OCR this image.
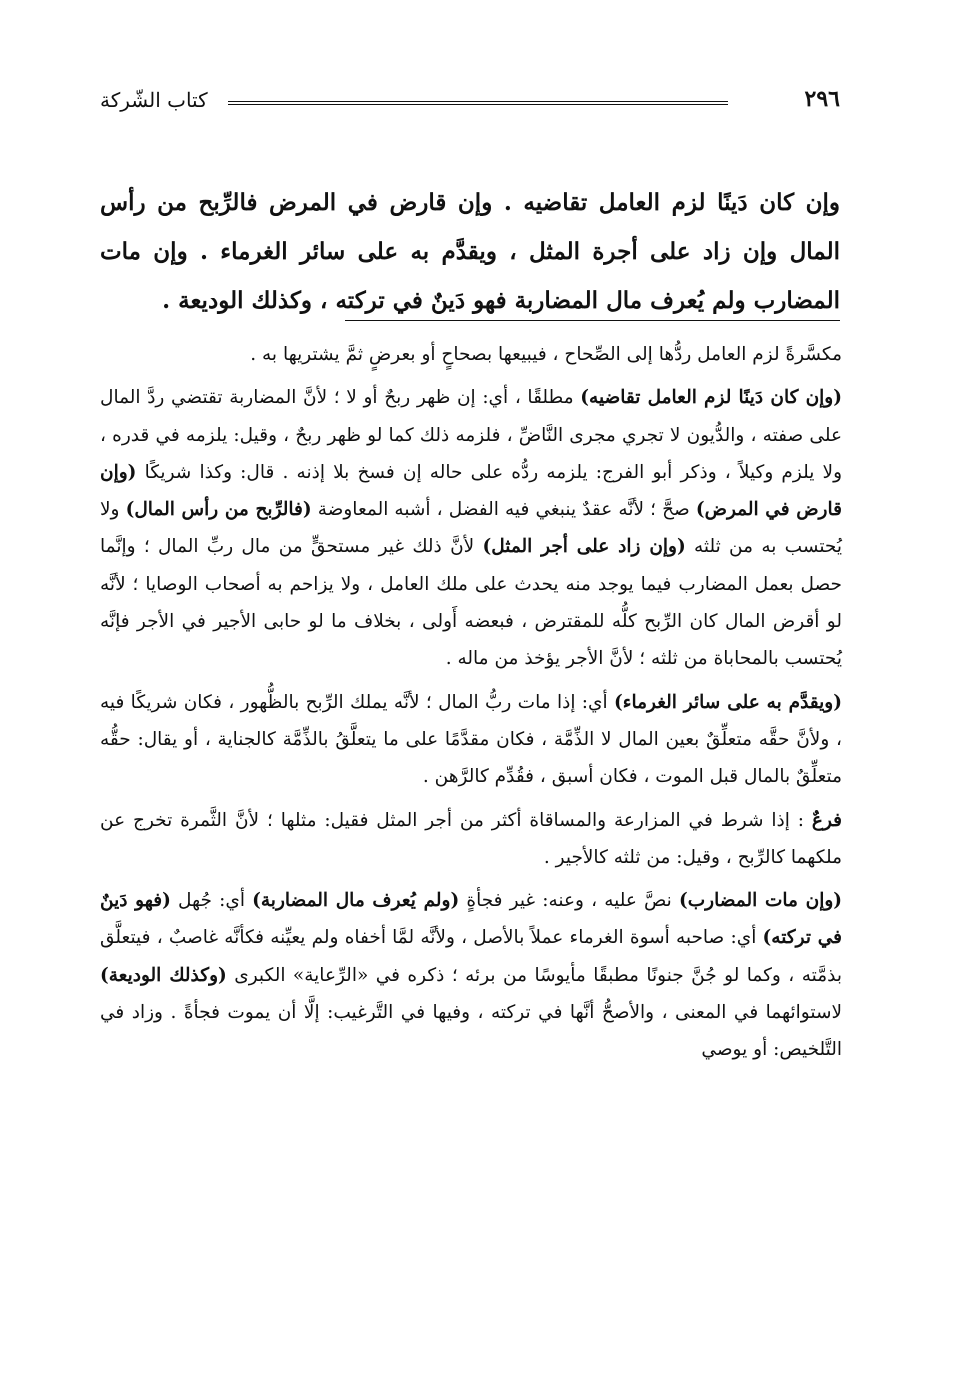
٢٩٦
كتاب الشّركة

وإن كان دَينًا لزم العامل تقاضيه . وإن قارض في المرض فالرِّبح من رأس المال وإن زاد على أجرة المثل ، ويقدَّم به على سائر الغرماء . وإن مات المضارب ولم يُعرف مال المضاربة فهو دَينٌ في تركته ، وكذلك الوديعة .

مكسَّرةً لزم العامل ردُّها إلى الصِّحاح ، فيبيعها بصحاحٍ أو بعرضٍ ثمَّ يشتريها به .

(وإن كان دَينًا لزم العامل تقاضيه) مطلقًا ، أي: إن ظهر ربحٌ أو لا ؛ لأنَّ المضاربة تقتضي ردَّ المال على صفته ، والدُّيون لا تجري مجرى النَّاضِّ ، فلزمه ذلك كما لو ظهر ربحٌ ، وقيل: يلزمه في قدره ، ولا يلزم وكيلاً ، وذكر أبو الفرج: يلزمه ردُّه على حاله إن فسخ بلا إذنه . قال: وكذا شريكًا (وإن قارض في المرض) صحَّ ؛ لأنَّه عقدٌ ينبغي فيه الفضل ، أشبه المعاوضة (فالرِّبح من رأس المال) ولا يُحتسب به من ثلثه (وإن زاد على أجر المثل) لأنَّ ذلك غير مستحقٍّ من مال ربِّ المال ؛ وإنَّما حصل بعمل المضارب فيما يوجد منه يحدث على ملك العامل ، ولا يزاحم به أصحاب الوصايا ؛ لأنَّه لو أقرض المال كان الرِّبح كلُّه للمقترض ، فبعضه أَولى ، بخلاف ما لو حابى الأجير في الأجر فإنَّه يُحتسب بالمحاباة من ثلثه ؛ لأنَّ الأجر يؤخذ من ماله .

(ويقدَّم به على سائر الغرماء) أي: إذا مات ربُّ المال ؛ لأنَّه يملك الرِّبح بالظُّهور ، فكان شريكًا فيه ، ولأنَّ حقَّه متعلِّقٌ بعين المال لا الذِّمَّة ، فكان مقدَّمًا على ما يتعلَّقُ بالذِّمَّة كالجناية ، أو يقال: حقُّه متعلِّقٌ بالمال قبل الموت ، فكان أسبق ، فقُدِّم كالرَّهن .

فرعٌ : إذا شرط في المزارعة والمساقاة أكثر من أجر المثل فقيل: مثلها ؛ لأنَّ الثَّمرة تخرج عن ملكهما كالرِّبح ، وقيل: من ثلثه كالأجير .

(وإن مات المضارب) نصَّ عليه ، وعنه: غير فجأةٍ (ولم يُعرف مال المضاربة) أي: جُهل (فهو دَينٌ في تركته) أي: صاحبه أسوة الغرماء عملاً بالأصل ، ولأنَّه لمَّا أخفاه ولم يعيِّنه فكأنَّه غاصبٌ ، فيتعلَّق بذمَّته ، وكما لو جُنَّ جنونًا مطبقًا مأيوسًا من برئه ؛ ذكره في «الرِّعاية» الكبرى (وكذلك الوديعة) لاستوائهما في المعنى ، والأصحُّ أنَّها في تركته ، وفيها في التَّرغيب: إلَّا أن يموت فجأةً . وزاد في التَّلخيص: أو يوصي
